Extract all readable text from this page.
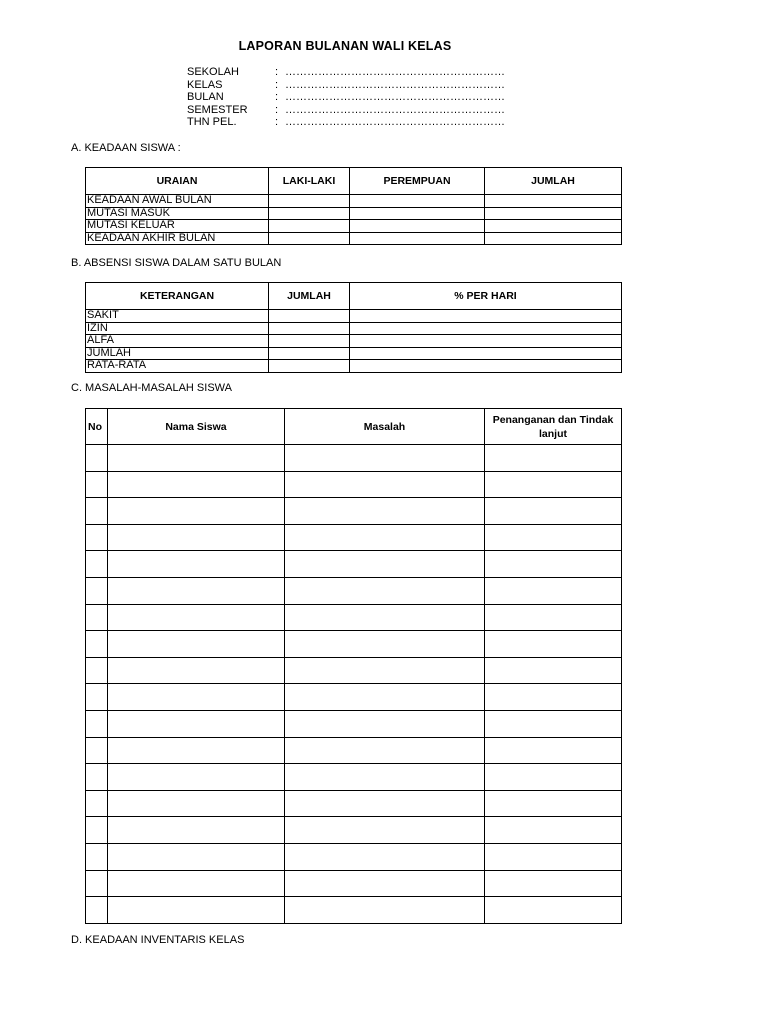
LAPORAN BULANAN WALI KELAS
SEKOLAH	: ……………………………………………………
KELAS	: ……………………………………………………
BULAN	: ……………………………………………………
SEMESTER	: ……………………………………………………
THN PEL.	: ……………………………………………………
A. KEADAAN SISWA :
URAIAN	LAKI-LAKI	PEREMPUAN	JUMLAH
KEADAAN AWAL BULAN			
MUTASI MASUK			
MUTASI KELUAR			
KEADAAN AKHIR BULAN			
B. ABSENSI SISWA DALAM SATU BULAN
KETERANGAN	JUMLAH	% PER HARI
SAKIT		
IZIN		
ALFA		
JUMLAH		
RATA-RATA		
C. MASALAH-MASALAH SISWA
No	Nama Siswa	Masalah	Penanganan dan Tindak lanjut

D. KEADAAN INVENTARIS KELAS
